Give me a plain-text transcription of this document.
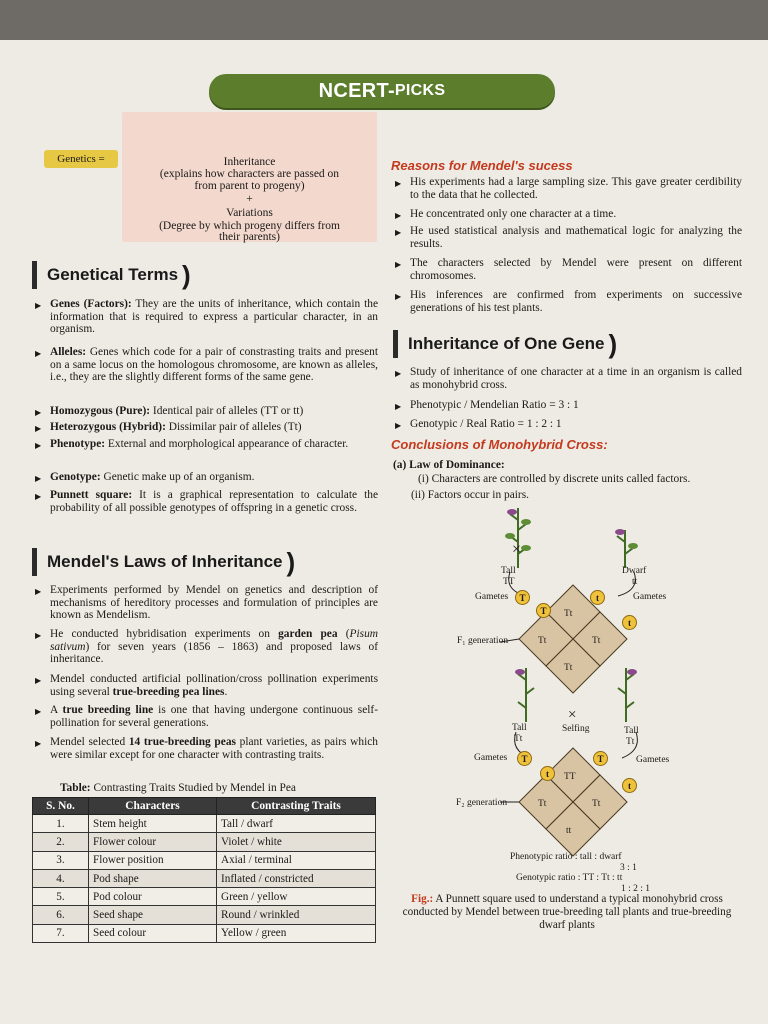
NCERT- PICKS
Genetics =	Inheritance
(explains how characters are passed on
from parent to progeny)
+
Variations
(Degree by which progeny differs from
their parents)
Genetical Terms )
▶ Genes (Factors): They are the units of inheritance, which contain the information that is required to express a particular character, in an organism.
▶ Alleles: Genes which code for a pair of constrasting traits and present on a same locus on the homologous chromosome, are known as alleles, i.e., they are the slightly different forms of the same gene.
▶ Homozygous (Pure): Identical pair of alleles (TT or tt)
▶ Heterozygous (Hybrid): Dissimilar pair of alleles (Tt)
▶ Phenotype: External and morphological appearance of character.
▶ Genotype: Genetic make up of an organism.
▶ Punnett square: It is a graphical representation to calculate the probability of all possible genotypes of offspring in a genetic cross.
Mendel's Laws of Inheritance )
▶ Experiments performed by Mendel on genetics and description of mechanisms of hereditory processes and formulation of principles are known as Mendelism.
▶ He conducted hybridisation experiments on garden pea (Pisum sativum) for seven years (1856 – 1863) and proposed laws of inheritance.
▶ Mendel conducted artificial pollination/cross pollination experiments using several true-breeding pea lines.
▶ A true breeding line is one that having undergone continuous self-pollination for several generations.
▶ Mendel selected 14 true-breeding peas plant varieties, as pairs which were similar except for one character with contrasting traits.
Table: Contrasting Traits Studied by Mendel in Pea
S. No.	Characters	Contrasting Traits
1.	Stem height	Tall / dwarf
2.	Flower colour	Violet / white
3.	Flower position	Axial / terminal
4.	Pod shape	Inflated / constricted
5.	Pod colour	Green / yellow
6.	Seed shape	Round / wrinkled
7.	Seed colour	Yellow / green
Reasons for Mendel's sucess
▶ His experiments had a large sampling size. This gave greater cerdibility to the data that he collected.
▶ He concentrated only one character at a time.
▶ He used statistical analysis and mathematical logic for analyzing the results.
▶ The characters selected by Mendel were present on different chromosomes.
▶ His inferences are confirmed from experiments on successive generations of his test plants.
Inheritance of One Gene )
▶ Study of inheritance of one character at a time in an organism is called as monohybrid cross.
▶ Phenotypic / Mendelian Ratio = 3 : 1
▶ Genotypic / Real Ratio = 1 : 2 : 1
Conclusions of Monohybrid Cross:
(a) Law of Dominance:
(i) Characters are controlled by discrete units called factors.
(ii) Factors occur in pairs.
×
Tall
TT
Dwarf
tt
Gametes	Gametes
T
T
t
t
Tt
Tt	Tt
Tt
F₁ generation
Tall
Tt
×
Selfing	Tall
Tt
Gametes	Gametes
T
t
T
t
TT
Tt	Tt
tt
F₂ generation
Phenotypic ratio : tall : dwarf
3 : 1
Genotypic ratio : TT : Tt : tt
1 : 2 : 1
Fig.: A Punnett square used to understand a typical monohybrid cross conducted by Mendel between true-breeding tall plants and true-breeding dwarf plants
